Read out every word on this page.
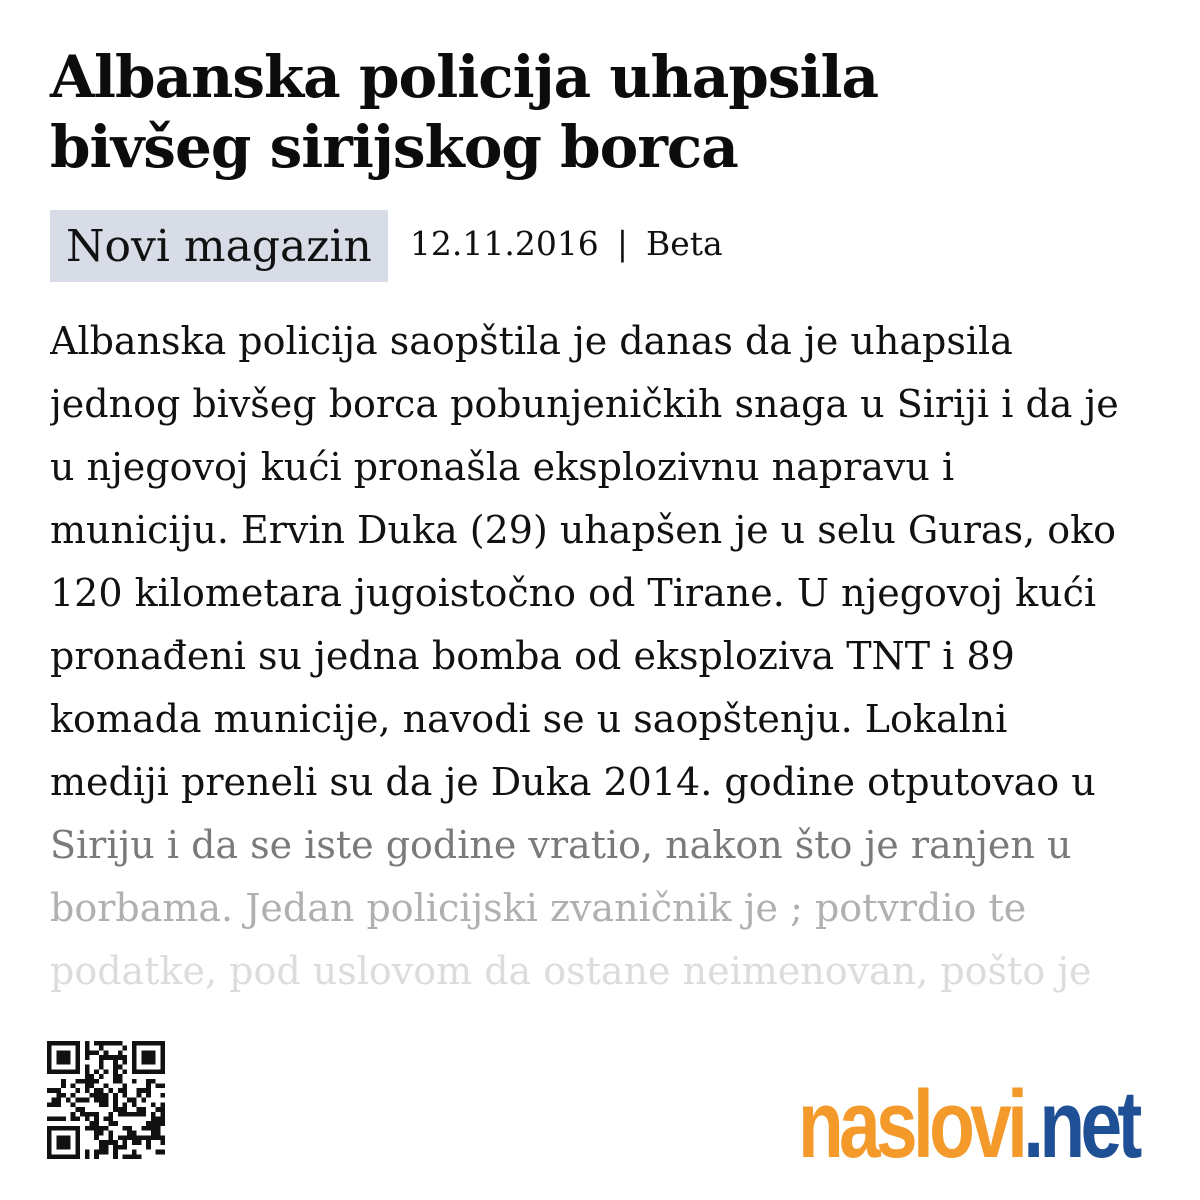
Albanska policija uhapsila
bivšeg sirijskog borca
Novi magazin	12.11.2016 | Beta
Albanska policija saopštila je danas da je uhapsila
jednog bivšeg borca pobunjeničkih snaga u Siriji i da je
u njegovoj kući pronašla eksplozivnu napravu i
municiju. Ervin Duka (29) uhapšen je u selu Guras, oko
120 kilometara jugoistočno od Tirane. U njegovoj kući
pronađeni su jedna bomba od eksploziva TNT i 89
komada municije, navodi se u saopštenju. Lokalni
mediji preneli su da je Duka 2014. godine otputovao u
Siriju i da se iste godine vratio, nakon što je ranjen u
borbama. Jedan policijski zvaničnik je ; potvrdio te
podatke, pod uslovom da ostane neimenovan, pošto je
naslovi . net
